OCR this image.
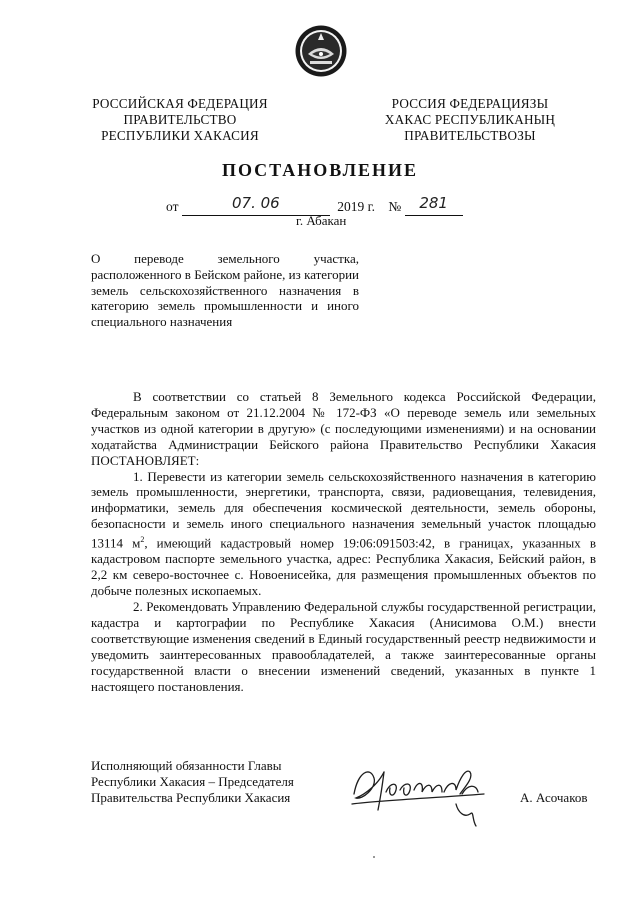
РОССИЙСКАЯ ФЕДЕРАЦИЯ
ПРАВИТЕЛЬСТВО
РЕСПУБЛИКИ ХАКАСИЯ
РОССИЯ ФЕДЕРАЦИЯЗЫ
ХАКАС РЕСПУБЛИКАНЫҢ
ПРАВИТЕЛЬСТВОЗЫ
ПОСТАНОВЛЕНИЕ
от	07. 06	2019 г. № 281
г. Абакан

О переводе земельного участка, расположенного в Бейском районе, из категории земель сельскохозяйственного назначения в категорию земель промышленности и иного специального назначения

В соответствии со статьей 8 Земельного кодекса Российской Федерации, Федеральным законом от 21.12.2004 № 172-ФЗ «О переводе земель или земельных участков из одной категории в другую» (с последующими изменениями) и на основании ходатайства Администрации Бейского района Правительство Республики Хакасия ПОСТАНОВЛЯЕТ:

1. Перевести из категории земель сельскохозяйственного назначения в категорию земель промышленности, энергетики, транспорта, связи, радиовещания, телевидения, информатики, земель для обеспечения космической деятельности, земель обороны, безопасности и земель иного специального назначения земельный участок площадью 13114 $м^2$, имеющий кадастровый номер 19:06:091503:42, в границах, указанных в кадастровом паспорте земельного участка, адрес: Республика Хакасия, Бейский район, в 2,2 км северо-восточнее с. Новоенисейка, для размещения промышленных объектов по добыче полезных ископаемых.

2. Рекомендовать Управлению Федеральной службы государственной регистрации, кадастра и картографии по Республике Хакасия (Анисимова О.М.) внести соответствующие изменения сведений в Единый государственный реестр недвижимости и уведомить заинтересованных правообладателей, а также заинтересованные органы государственной власти о внесении изменений сведений, указанных в пункте 1 настоящего постановления.

Исполняющий обязанности Главы
Республики Хакасия – Председателя
Правительства Республики Хакасия	А. Асочаков
